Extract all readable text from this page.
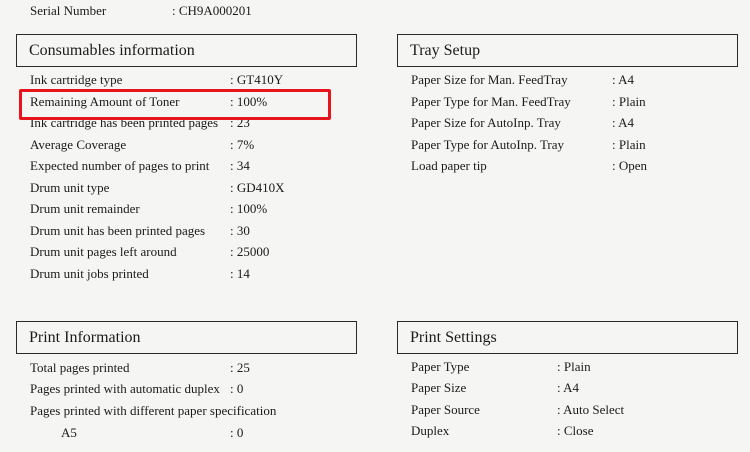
Serial Number	: CH9A000201
Consumables information
Ink cartridge type	: GT410Y
Remaining Amount of Toner	: 100%
Ink cartridge has been printed pages : 23
Average Coverage	: 7%
Expected number of pages to print : 34
Drum unit type	: GD410X
Drum unit remainder	: 100%
Drum unit has been printed pages : 30
Drum unit pages left around	: 25000
Drum unit jobs printed	: 14
Tray Setup
Paper Size for Man. FeedTray	: A4
Paper Type for Man. FeedTray	: Plain
Paper Size for AutoInp. Tray	: A4
Paper Type for AutoInp. Tray	: Plain
Load paper tip	: Open
Print Information
Total pages printed	: 25
Pages printed with automatic duplex : 0
Pages printed with different paper specification
A5	: 0
Print Settings
Paper Type	: Plain
Paper Size	: A4
Paper Source	: Auto Select
Duplex	: Close
